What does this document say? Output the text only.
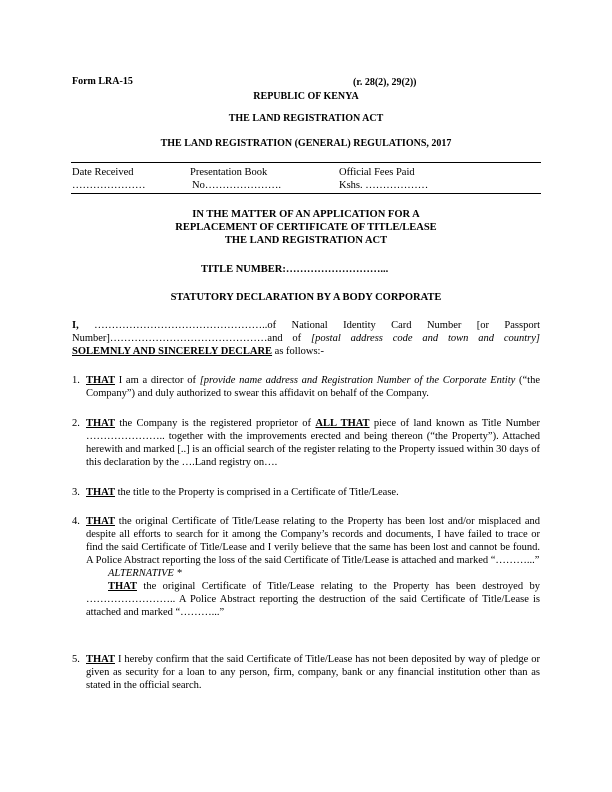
Form LRA-15	(r. 28(2), 29(2))
REPUBLIC OF KENYA
THE LAND REGISTRATION ACT
THE LAND REGISTRATION (GENERAL) REGULATIONS, 2017
Date Received
…………………
Presentation Book
No………………….
Official Fees Paid
Kshs. ………………
IN THE MATTER OF AN APPLICATION FOR A
REPLACEMENT OF CERTIFICATE OF TITLE/LEASE
THE LAND REGISTRATION ACT
TITLE NUMBER:………………………...
STATUTORY DECLARATION BY A BODY CORPORATE
I, …………………………………………..of National Identity Card Number [or Passport Number]………………………………………and of [postal address code and town and country] SOLEMNLY AND SINCERELY DECLARE as follows:-
1. THAT I am a director of [provide name address and Registration Number of the Corporate Entity (“the Company”) and duly authorized to swear this affidavit on behalf of the Company.
2. THAT the Company is the registered proprietor of ALL THAT piece of land known as Title Number ………………….. together with the improvements erected and being thereon (“the Property”). Attached herewith and marked [..] is an official search of the register relating to the Property issued within 30 days of this declaration by the ….Land registry on….
3. THAT the title to the Property is comprised in a Certificate of Title/Lease.
4. THAT the original Certificate of Title/Lease relating to the Property has been lost and/or misplaced and despite all efforts to search for it among the Company’s records and documents, I have failed to trace or find the said Certificate of Title/Lease and I verily believe that the same has been lost and cannot be found. A Police Abstract reporting the loss of the said Certificate of Title/Lease is attached and marked “………...”
ALTERNATIVE *
THAT the original Certificate of Title/Lease relating to the Property has been destroyed by …………………….. A Police Abstract reporting the destruction of the said Certificate of Title/Lease is attached and marked “………...”
5. THAT I hereby confirm that the said Certificate of Title/Lease has not been deposited by way of pledge or given as security for a loan to any person, firm, company, bank or any financial institution other than as stated in the official search.
